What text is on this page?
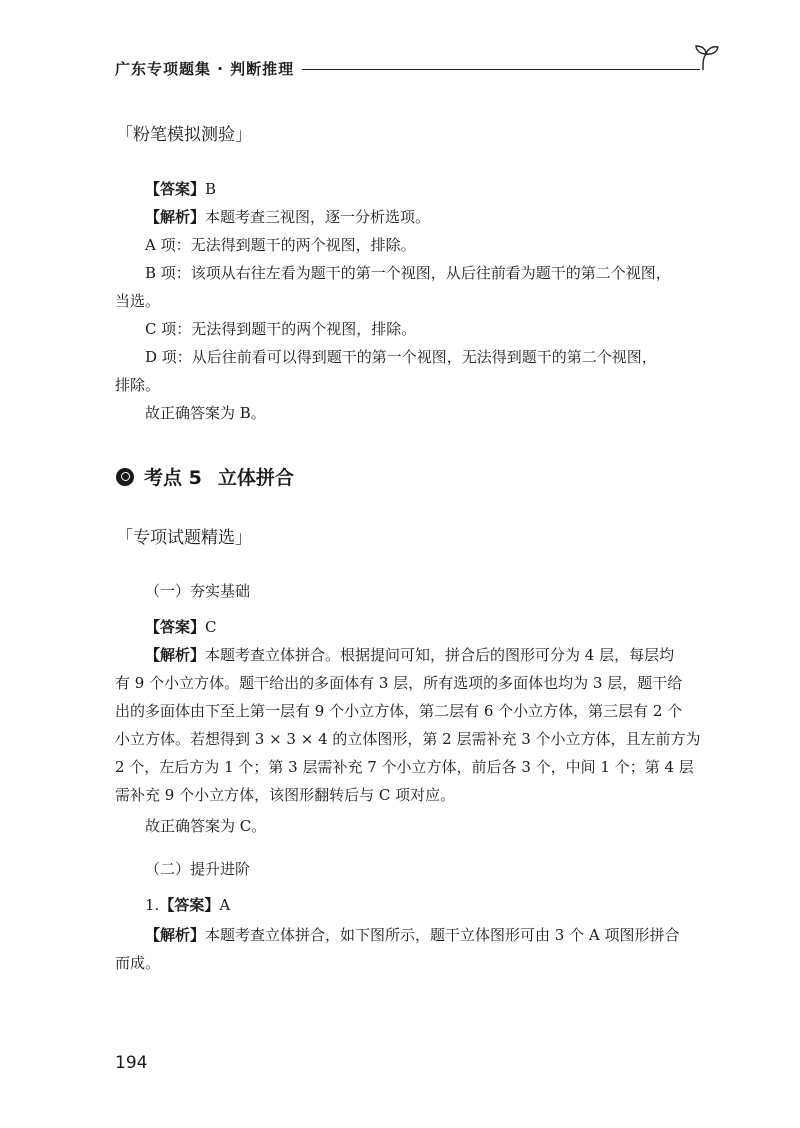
广东专项题集 · 判断推理
「粉笔模拟测验」
【答案】B
【解析】本题考查三视图，逐一分析选项。
A 项：无法得到题干的两个视图，排除。
B 项：该项从右往左看为题干的第一个视图，从后往前看为题干的第二个视图，
当选。
C 项：无法得到题干的两个视图，排除。
D 项：从后往前看可以得到题干的第一个视图，无法得到题干的第二个视图，
排除。
故正确答案为 B。
考点 5 立体拼合
「专项试题精选」
（一）夯实基础
【答案】C
【解析】本题考查立体拼合。根据提问可知，拼合后的图形可分为 4 层，每层均
有 9 个小立方体。题干给出的多面体有 3 层，所有选项的多面体也均为 3 层，题干给
出的多面体由下至上第一层有 9 个小立方体，第二层有 6 个小立方体，第三层有 2 个
小立方体。若想得到 3 × 3 × 4 的立体图形，第 2 层需补充 3 个小立方体，且左前方为
2 个，左后方为 1 个；第 3 层需补充 7 个小立方体，前后各 3 个，中间 1 个；第 4 层
需补充 9 个小立方体，该图形翻转后与 C 项对应。
故正确答案为 C。
（二）提升进阶
1.【答案】A
【解析】本题考查立体拼合，如下图所示，题干立体图形可由 3 个 A 项图形拼合
而成。
194
